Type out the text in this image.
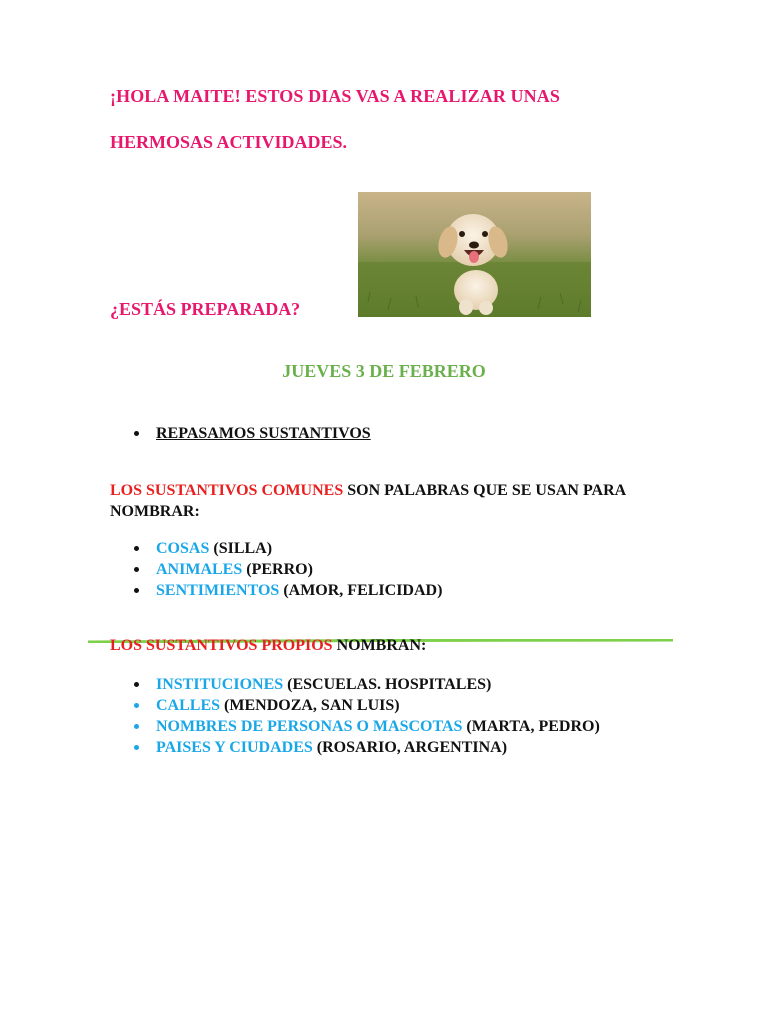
¡HOLA MAITE! ESTOS DIAS VAS A REALIZAR UNAS
HERMOSAS ACTIVIDADES.
¿ESTÁS PREPARADA?
JUEVES 3 DE FEBRERO
REPASAMOS SUSTANTIVOS
LOS SUSTANTIVOS COMUNES SON PALABRAS QUE SE USAN PARA NOMBRAR:
COSAS (SILLA)
ANIMALES (PERRO)
SENTIMIENTOS (AMOR, FELICIDAD)
LOS SUSTANTIVOS PROPIOS NOMBRAN:
INSTITUCIONES (ESCUELAS. HOSPITALES)
CALLES (MENDOZA, SAN LUIS)
NOMBRES DE PERSONAS O MASCOTAS (MARTA, PEDRO)
PAISES Y CIUDADES (ROSARIO, ARGENTINA)
